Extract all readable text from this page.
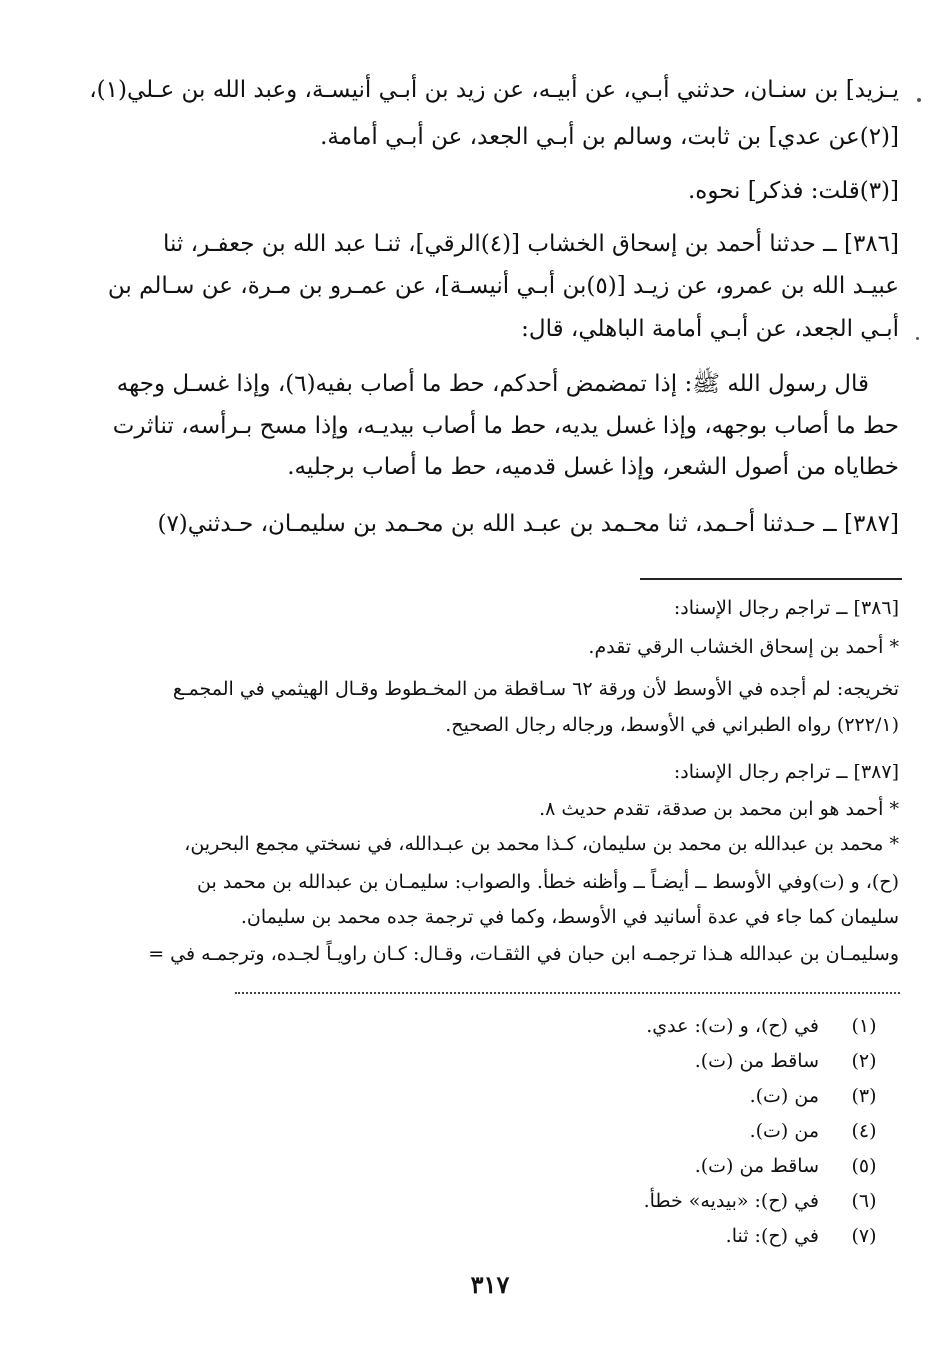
يـزيد] بن سنـان، حدثني أبـي، عن أبيـه، عن زيد بن أبـي أنيسـة، وعبد الله بن عـلي(١)،
[(٢)عن عدي] بن ثابت، وسالم بن أبـي الجعد، عن أبـي أمامة.
[(٣)قلت: فذكر] نحوه.
[٣٨٦] ــ حدثنا أحمد بن إسحاق الخشاب [(٤)الرقي]، ثنـا عبد الله بن جعفـر، ثنا
عبيـد الله بن عمرو، عن زيـد [(٥)بن أبـي أنيسـة]، عن عمـرو بن مـرة، عن سـالم بن
أبـي الجعد، عن أبـي أمامة الباهلي، قال:
قال رسول الله ﷺ: إذا تمضمض أحدكم، حط ما أصاب بفيه(٦)، وإذا غسـل وجهه
حط ما أصاب بوجهه، وإذا غسل يديه، حط ما أصاب بيديـه، وإذا مسح بـرأسه، تناثرت
خطاياه من أصول الشعر، وإذا غسل قدميه، حط ما أصاب برجليه.
[٣٨٧] ــ حـدثنا أحـمد، ثنا محـمد بن عبـد الله بن محـمد بن سليمـان، حـدثني(٧)
[٣٨٦] ــ تراجم رجال الإسناد:
* أحمد بن إسحاق الخشاب الرقي تقدم.
تخريجه: لم أجده في الأوسط لأن ورقة ٦٢ سـاقطة من المخـطوط وقـال الهيثمي في المجمـع
(٢٢٢/١) رواه الطبراني في الأوسط، ورجاله رجال الصحيح.
[٣٨٧] ــ تراجم رجال الإسناد:
* أحمد هو ابن محمد بن صدقة، تقدم حديث ٨.
* محمد بن عبدالله بن محمد بن سليمان، كـذا محمد بن عبـدالله، في نسختي مجمع البحرين،
(ح)، و (ت)وفي الأوسط ــ أيضـاً ــ وأظنه خطأ. والصواب: سليمـان بن عبدالله بن محمد بن
سليمان كما جاء في عدة أسانيد في الأوسط، وكما في ترجمة جده محمد بن سليمان.
وسليمـان بن عبدالله هـذا ترجمـه ابن حبان في الثقـات، وقـال: كـان راويـاً لجـده، وترجمـه في =
(١)
في (ح)، و (ت): عدي.
(٢)
ساقط من (ت).
(٣)
من (ت).
(٤)
من (ت).
(٥)
ساقط من (ت).
(٦)
في (ح): «بيديه» خطأ.
(٧)
في (ح): ثنا.
٣١٧
